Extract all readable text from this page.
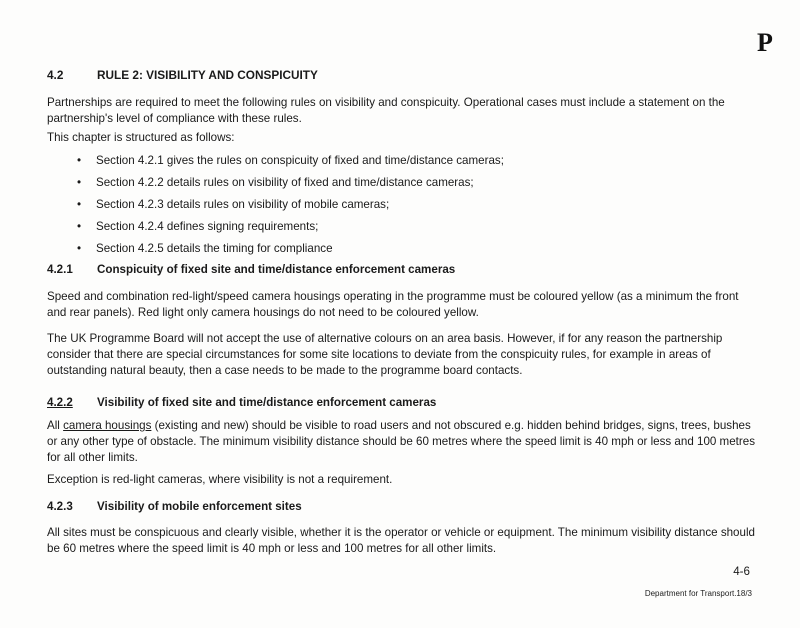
P
4.2	RULE 2: VISIBILITY AND CONSPICUITY

Partnerships are required to meet the following rules on visibility and conspicuity. Operational cases must include a statement on the partnership's level of compliance with these rules.

This chapter is structured as follows:

• Section 4.2.1 gives the rules on conspicuity of fixed and time/distance cameras;
• Section 4.2.2 details rules on visibility of fixed and time/distance cameras;
• Section 4.2.3 details rules on visibility of mobile cameras;
• Section 4.2.4 defines signing requirements;
• Section 4.2.5 details the timing for compliance
4.2.1 Conspicuity of fixed site and time/distance enforcement cameras

Speed and combination red-light/speed camera housings operating in the programme must be coloured yellow (as a minimum the front and rear panels). Red light only camera housings do not need to be coloured yellow.

The UK Programme Board will not accept the use of alternative colours on an area basis. However, if for any reason the partnership consider that there are special circumstances for some site locations to deviate from the conspicuity rules, for example in areas of outstanding natural beauty, then a case needs to be made to the programme board contacts.

4.2.2 Visibility of fixed site and time/distance enforcement cameras

All camera housings (existing and new) should be visible to road users and not obscured e.g. hidden behind bridges, signs, trees, bushes or any other type of obstacle. The minimum visibility distance should be 60 metres where the speed limit is 40 mph or less and 100 metres for all other limits.

Exception is red-light cameras, where visibility is not a requirement.

4.2.3 Visibility of mobile enforcement sites

All sites must be conspicuous and clearly visible, whether it is the operator or vehicle or equipment. The minimum visibility distance should be 60 metres where the speed limit is 40 mph or less and 100 metres for all other limits.

4-6
Department for Transport.18/3
